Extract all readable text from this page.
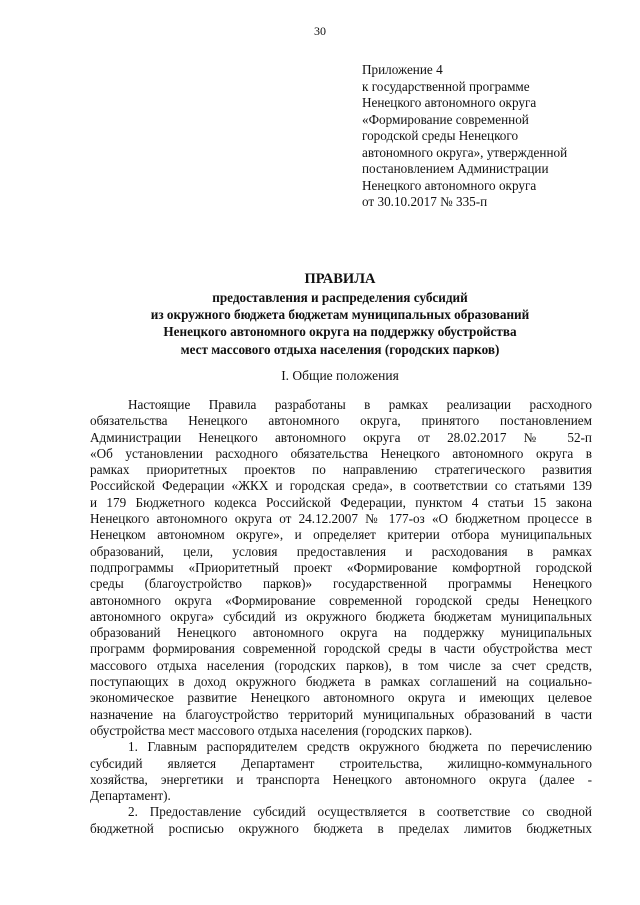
30
Приложение 4
к государственной программе
Ненецкого автономного округа
«Формирование современной
городской среды Ненецкого
автономного округа», утвержденной
постановлением Администрации
Ненецкого автономного округа
от 30.10.2017 № 335-п
ПРАВИЛА
предоставления и распределения субсидий
из окружного бюджета бюджетам муниципальных образований
Ненецкого автономного округа на поддержку обустройства
мест массового отдыха населения (городских парков)
I. Общие положения
Настоящие Правила разработаны в рамках реализации расходного
обязательства Ненецкого автономного округа, принятого постановлением
Администрации Ненецкого автономного округа от 28.02.2017 № 52-п
«Об установлении расходного обязательства Ненецкого автономного округа в
рамках приоритетных проектов по направлению стратегического развития
Российской Федерации «ЖКХ и городская среда», в соответствии со статьями 139
и 179 Бюджетного кодекса Российской Федерации, пунктом 4 статьи 15 закона
Ненецкого автономного округа от 24.12.2007 № 177-оз «О бюджетном процессе в
Ненецком автономном округе», и определяет критерии отбора муниципальных
образований, цели, условия предоставления и расходования в рамках
подпрограммы «Приоритетный проект «Формирование комфортной городской
среды (благоустройство парков)» государственной программы Ненецкого
автономного округа «Формирование современной городской среды Ненецкого
автономного округа» субсидий из окружного бюджета бюджетам муниципальных
образований Ненецкого автономного округа на поддержку муниципальных
программ формирования современной городской среды в части обустройства мест
массового отдыха населения (городских парков), в том числе за счет средств,
поступающих в доход окружного бюджета в рамках соглашений на социально-
экономическое развитие Ненецкого автономного округа и имеющих целевое
назначение на благоустройство территорий муниципальных образований в части
обустройства мест массового отдыха населения (городских парков).
1. Главным распорядителем средств окружного бюджета по перечислению
субсидий является Департамент строительства, жилищно-коммунального
хозяйства, энергетики и транспорта Ненецкого автономного округа (далее -
Департамент).
2. Предоставление субсидий осуществляется в соответствие со сводной
бюджетной росписью окружного бюджета в пределах лимитов бюджетных
